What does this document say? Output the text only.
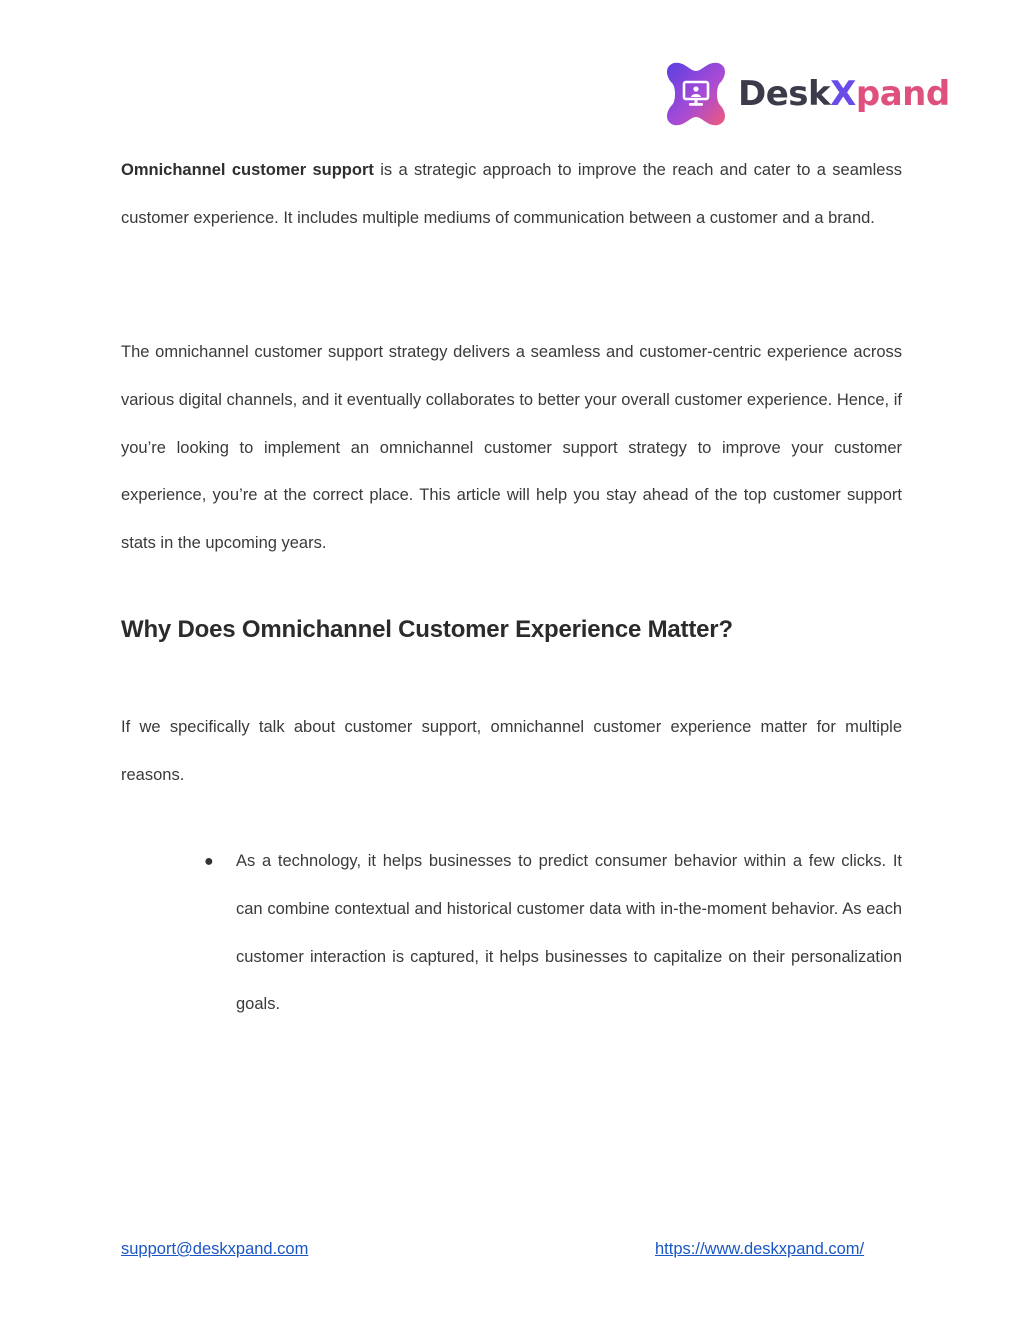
DeskXpand

Omnichannel customer support is a strategic approach to improve the reach and cater to a seamless customer experience. It includes multiple mediums of communication between a customer and a brand.

The omnichannel customer support strategy delivers a seamless and customer-centric experience across various digital channels, and it eventually collaborates to better your overall customer experience. Hence, if you’re looking to implement an omnichannel customer support strategy to improve your customer experience, you’re at the correct place. This article will help you stay ahead of the top customer support stats in the upcoming years.

Why Does Omnichannel Customer Experience Matter?

If we specifically talk about customer support, omnichannel customer experience matter for multiple reasons.

●	As a technology, it helps businesses to predict consumer behavior within a few clicks. It can combine contextual and historical customer data with in-the-moment behavior. As each customer interaction is captured, it helps businesses to capitalize on their personalization goals.

support@deskxpand.com	https://www.deskxpand.com/
